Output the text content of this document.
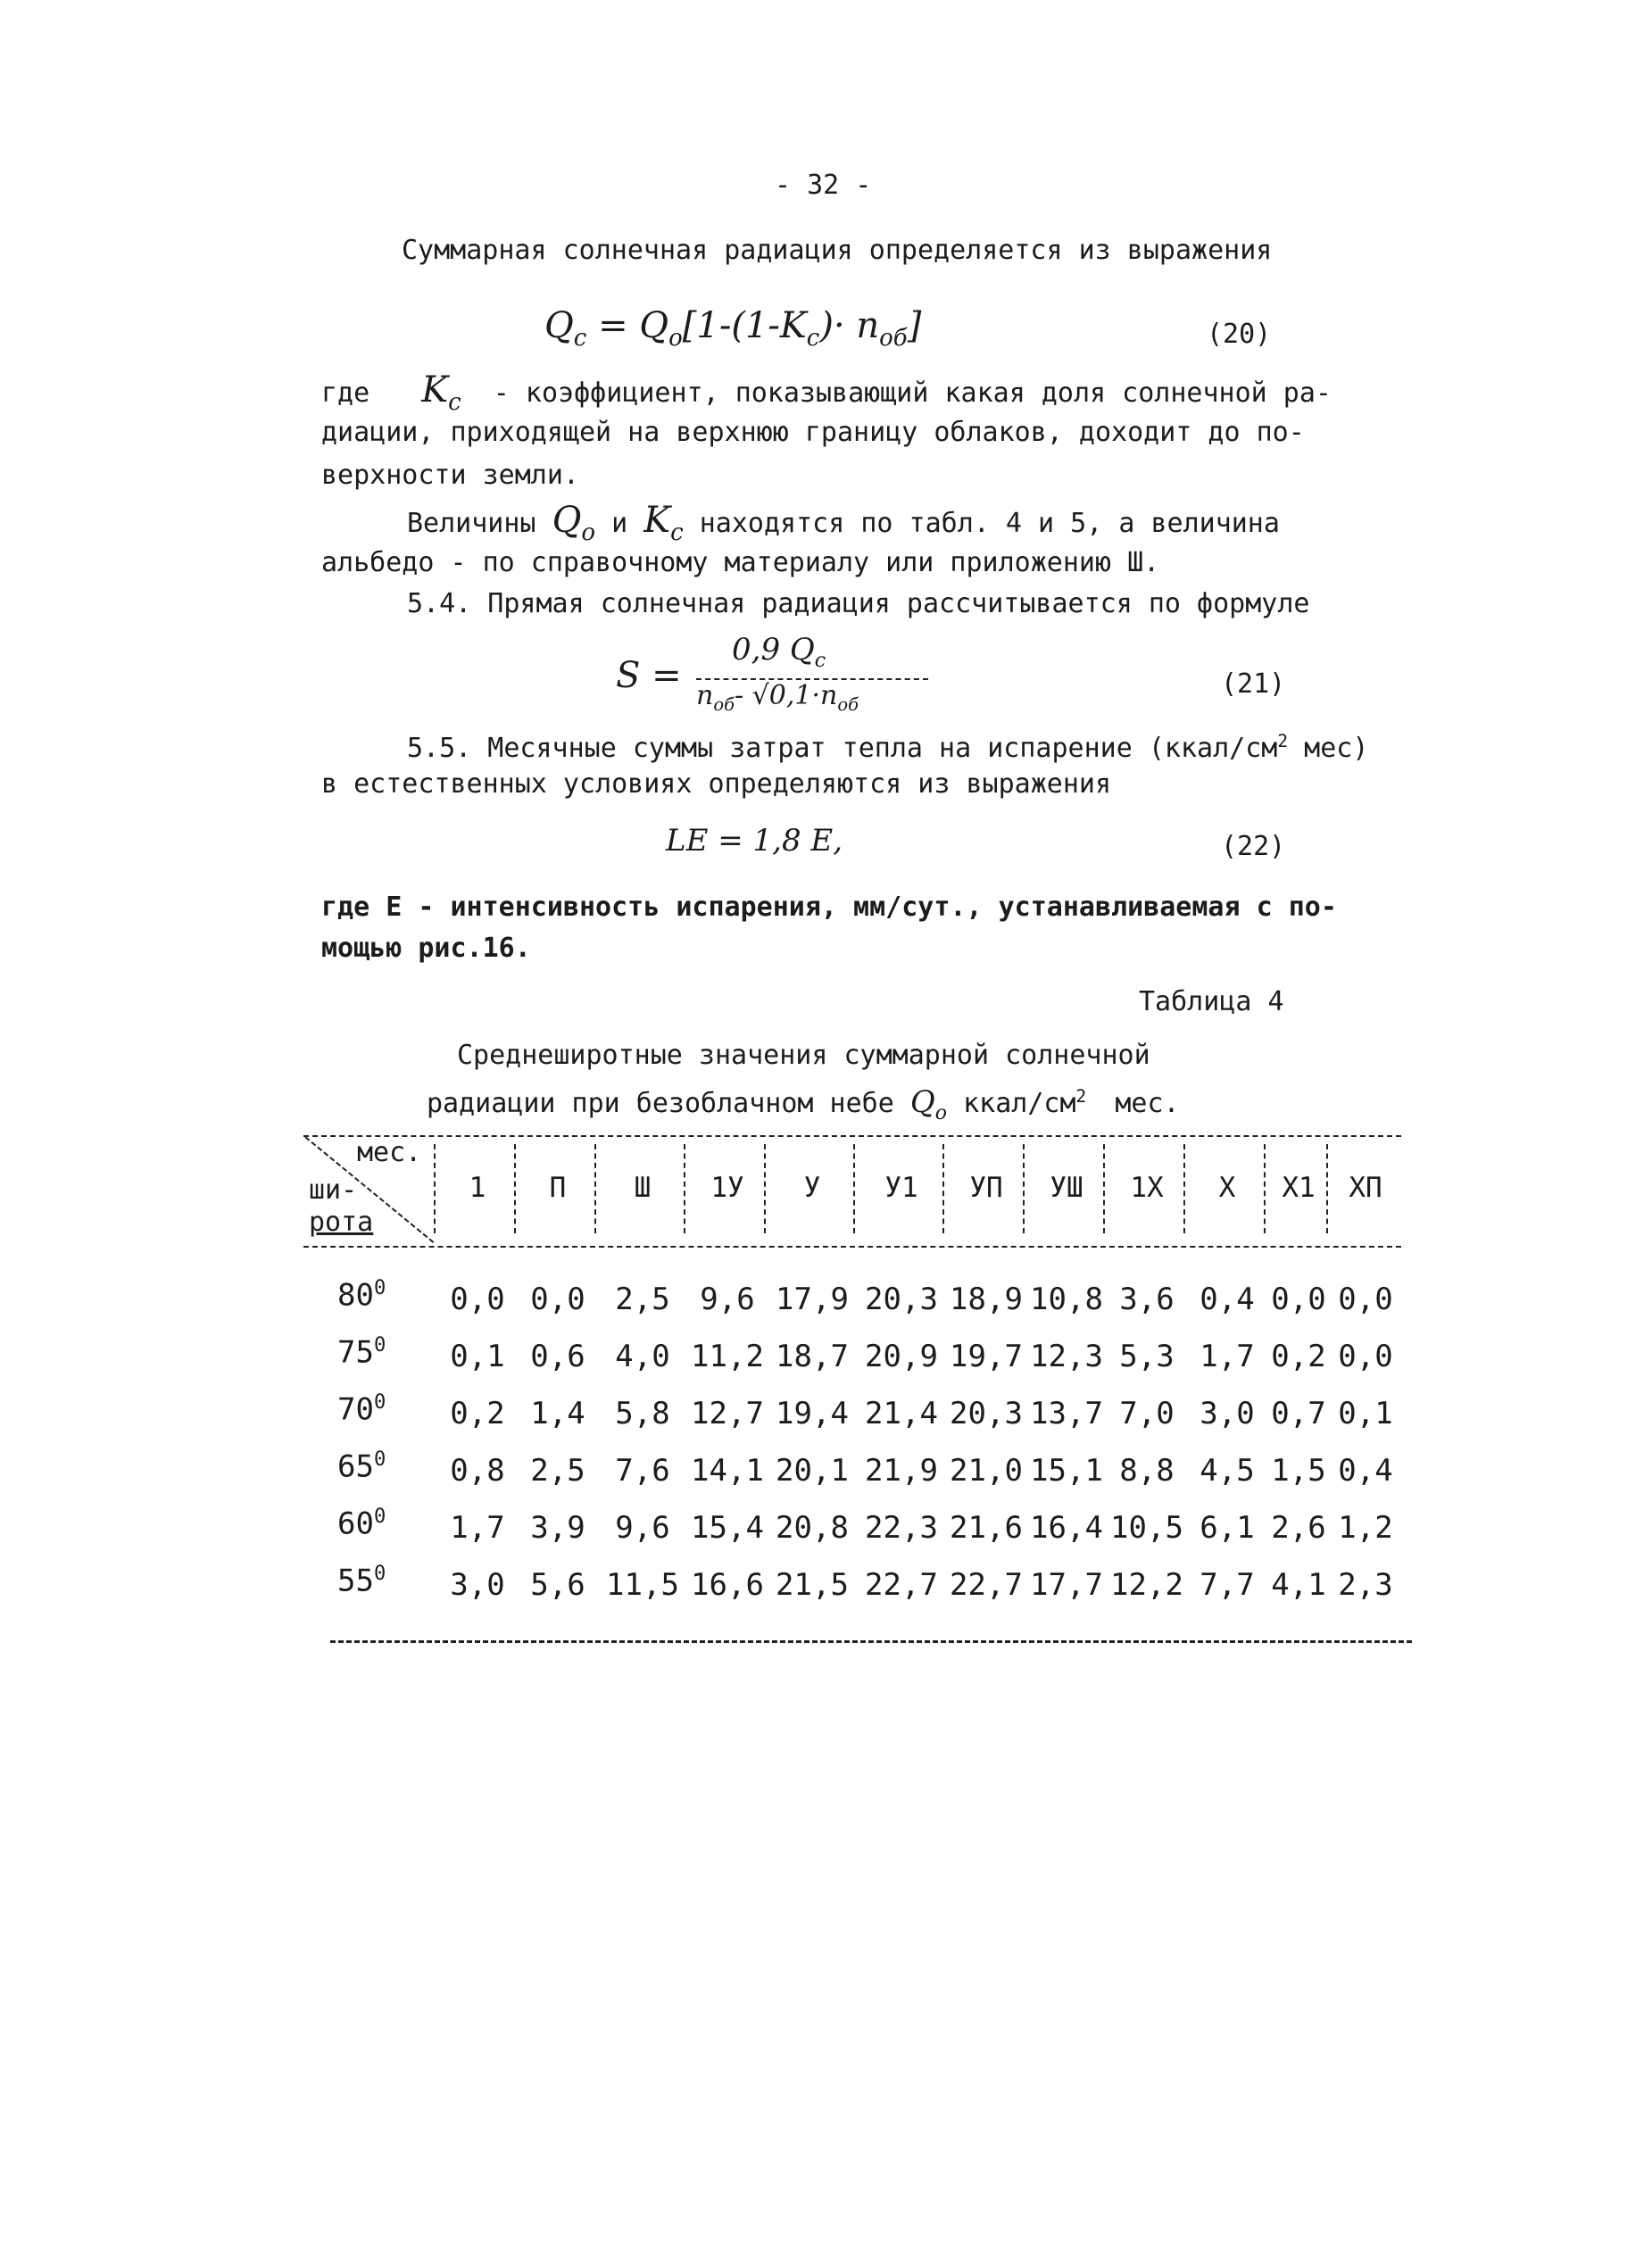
- 32 -
Суммарная солнечная радиация определяется из выражения
$Q_c = Q_o[1-(1-K_c)\cdot n_{об}]$	(20)
где $K_c$ - коэффициент, показывающий какая доля солнечной ра-
диации, приходящей на верхнюю границу облаков, доходит до по-
верхности земли.
Величины $Q_о$ и $K_c$ находятся по табл. 4 и 5, а величина
альбедо - по справочному материалу или приложению Ш.
5.4. Прямая солнечная радиация рассчитывается по формуле
S =
0,9 $Q_c$
$n_{об}-$ $√0,1\cdot n_{об}$
(21)
5.5. Месячные суммы затрат тепла на испарение ($ккал/см^2$ мес)
в естественных условиях определяются из выражения
LE = 1,8 E,	(22)
где Е - интенсивность испарения, мм/сут., устанавливаемая с по-
мощью рис.16.
Таблица 4
Среднеширотные значения суммарной солнечной
радиации при безоблачном небе $Q_о$ ккал/$см^2$ мес.
мес.
ши-
рота
1	П	Ш	1У	У	У1	УП	УШ	1Х	Х	Х1	ХП
$80^0$	0,0 0,0 2,5 9,6 17,9 20,3 18,9 10,8 3,6 0,4 0,0 0,0
$75^0$	0,1 0,6 4,0 11,2 18,7 20,9 19,7 12,3 5,3 1,7 0,2 0,0
$70^0$	0,2 1,4 5,8 12,7 19,4 21,4 20,3 13,7 7,0 3,0 0,7 0,1
$65^0$	0,8 2,5 7,6 14,1 20,1 21,9 21,0 15,1 8,8 4,5 1,5 0,4
$60^0$	1,7 3,9 9,6 15,4 20,8 22,3 21,6 16,4 10,5 6,1 2,6 1,2
$55^0$	3,0 5,6 11,5 16,6 21,5 22,7 22,7 17,7 12,2 7,7 4,1 2,3
